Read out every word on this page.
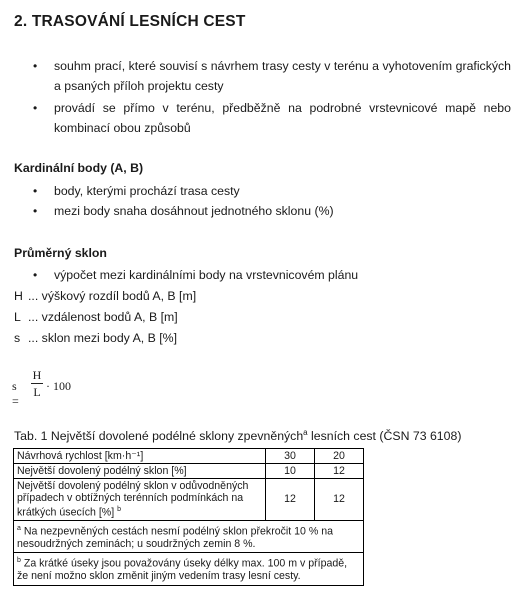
2. TRASOVÁNÍ LESNÍCH CEST
• souhm prací, které souvisí s návrhem trasy cesty v terénu a vyhotovením grafických a psaných příloh projektu cesty
• provádí se přímo v terénu, předběžně na podrobné vrstevnicové mapě nebo kombinací obou způsobů
Kardinální body (A, B)
• body, kterými prochází trasa cesty
• mezi body snaha dosáhnout jednotného sklonu (%)
Průměrný sklon
• výpočet mezi kardinálními body na vrstevnicovém plánu
H ... výškový rozdíl bodů A, B [m]
L ... vzdálenost bodů A, B [m]
s ... sklon mezi body A, B [%]
s =
H
L · 100
Tab. 1 Největší dovolené podélné sklony zpevněných$^a$ lesních cest (ČSN 73 6108)
Návrhová rychlost [km·h⁻¹]	30	20
Největší dovolený podélný sklon [%]	10	12
Největší dovolený podélný sklon v odůvodněných případech v obtížných terénních podmínkách na krátkých úsecích [%] $^b$	12	12
$^a$ Na nezpevněných cestách nesmí podélný sklon překročit 10 % na nesoudržných zeminách; u soudržných zemin 8 %.		
$^b$ Za krátké úseky jsou považovány úseky délky max. 100 m v případě, že není možno sklon změnit jiným vedením trasy lesní cesty.		
